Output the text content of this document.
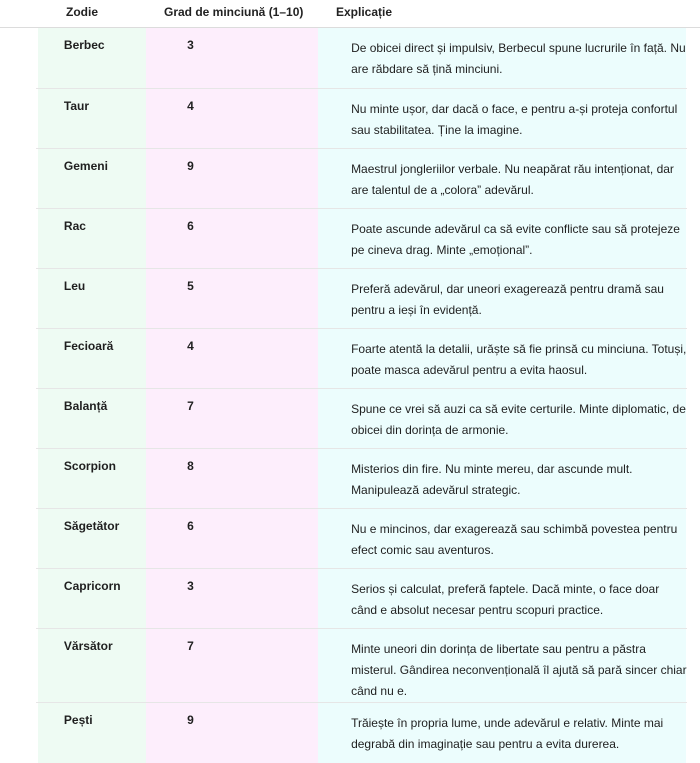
Zodie	Grad de minciună (1–10)	Explicație
	Berbec	3	De obicei direct și impulsiv, Berbecul spune lucrurile în față. Nu are răbdare să țină minciuni.	
	Taur	4	Nu minte ușor, dar dacă o face, e pentru a-și proteja confortul sau stabilitatea. Ține la imagine.	
	Gemeni	9	Maestrul jongleriilor verbale. Nu neapărat rău intenționat, dar are talentul de a „colora” adevărul.	
	Rac	6	Poate ascunde adevărul ca să evite conflicte sau să protejeze pe cineva drag. Minte „emoțional”.	
	Leu	5	Preferă adevărul, dar uneori exagerează pentru dramă sau pentru a ieși în evidență.	
	Fecioară	4	Foarte atentă la detalii, urăște să fie prinsă cu minciuna. Totuși, poate masca adevărul pentru a evita haosul.	
	Balanță	7	Spune ce vrei să auzi ca să evite certurile. Minte diplomatic, de obicei din dorința de armonie.	
	Scorpion	8	Misterios din fire. Nu minte mereu, dar ascunde mult. Manipulează adevărul strategic.	
	Săgetător	6	Nu e mincinos, dar exagerează sau schimbă povestea pentru efect comic sau aventuros.	
	Capricorn	3	Serios și calculat, preferă faptele. Dacă minte, o face doar când e absolut necesar pentru scopuri practice.	
	Vărsător	7	Minte uneori din dorința de libertate sau pentru a păstra misterul. Gândirea neconvențională îl ajută să pară sincer chiar când nu e.	
	Pești	9	Trăiește în propria lume, unde adevărul e relativ. Minte mai degrabă din imaginație sau pentru a evita durerea.	
